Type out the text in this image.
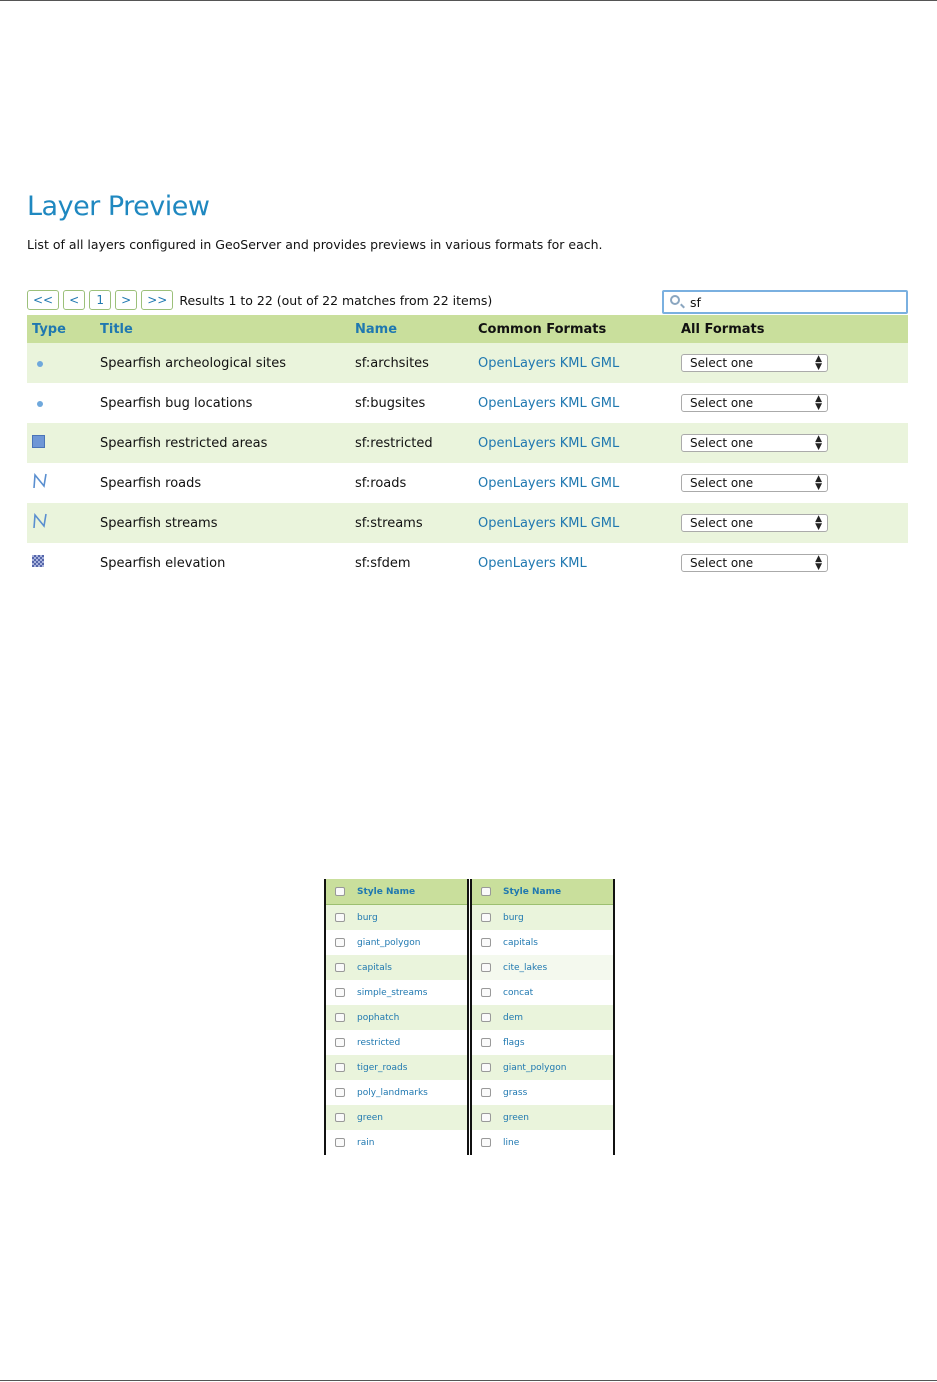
Layer Preview
List of all layers configured in GeoServer and provides previews in various formats for each.
<<	<	1	>	>> Results 1 to 22 (out of 22 matches from 22 items)	sf
Type	Title	Name	Common Formats	All Formats
	Spearfish archeological sites	sf:archsites	OpenLayers KML GML	Select one ▲
▼

	Spearfish bug locations	sf:bugsites	OpenLayers KML GML	Select one ▲
▼

	Spearfish restricted areas	sf:restricted	OpenLayers KML GML	Select one ▲
▼

	Spearfish roads	sf:roads	OpenLayers KML GML	Select one ▲
▼

	Spearfish streams	sf:streams	OpenLayers KML GML	Select one ▲
▼

	Spearfish elevation	sf:sfdem	OpenLayers KML	Select one ▲
▼
Style Name
burg
giant_polygon
capitals
simple_streams
pophatch
restricted
tiger_roads
poly_landmarks
green
rain
Style Name
burg
capitals
cite_lakes
concat
dem
flags
giant_polygon
grass
green
line
